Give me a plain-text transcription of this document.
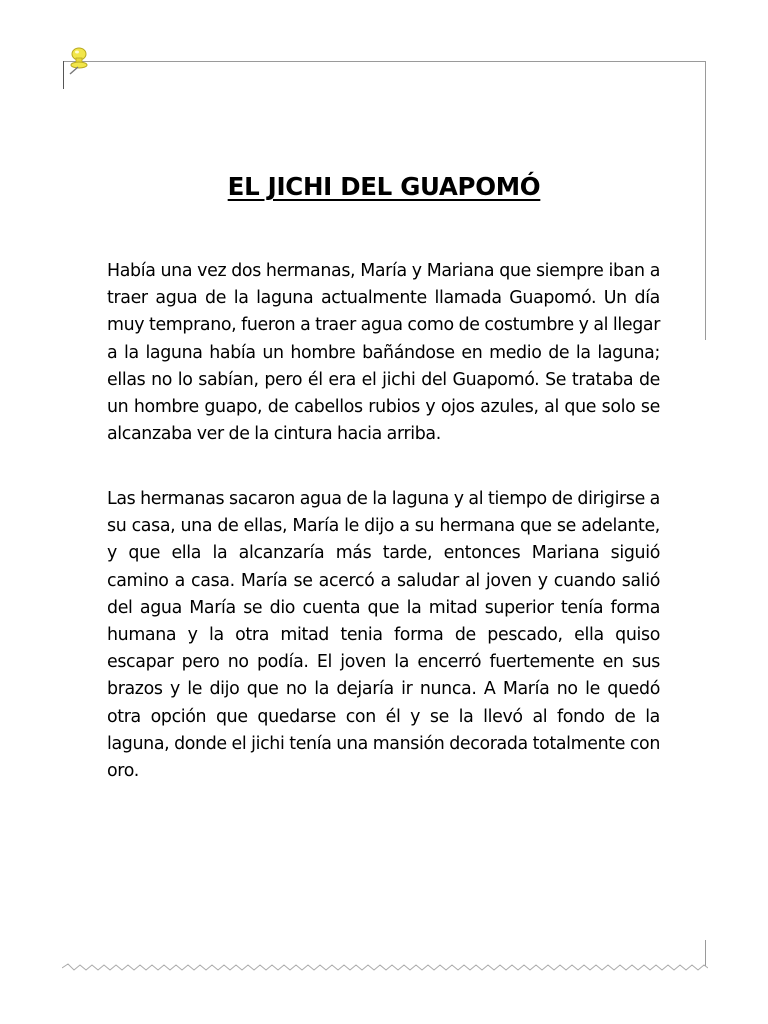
EL JICHI DEL GUAPOMÓ
Había una vez dos hermanas, María y Mariana que siempre iban a traer agua de la laguna actualmente llamada Guapomó. Un día muy temprano, fueron a traer agua como de costumbre y al llegar a la laguna había un hombre bañándose en medio de la laguna; ellas no lo sabían, pero él era el jichi del Guapomó. Se trataba de un hombre guapo, de cabellos rubios y ojos azules, al que solo se alcanzaba ver de la cintura hacia arriba.
Las hermanas sacaron agua de la laguna y al tiempo de dirigirse a su casa, una de ellas, María le dijo a su hermana que se adelante, y que ella la alcanzaría más tarde, entonces Mariana siguió camino a casa. María se acercó a saludar al joven y cuando salió del agua María se dio cuenta que la mitad superior tenía forma humana y la otra mitad tenia forma de pescado, ella quiso escapar pero no podía. El joven la encerró fuertemente en sus brazos y le dijo que no la dejaría ir nunca. A María no le quedó otra opción que quedarse con él y se la llevó al fondo de la laguna, donde el jichi tenía una mansión decorada totalmente con oro.
